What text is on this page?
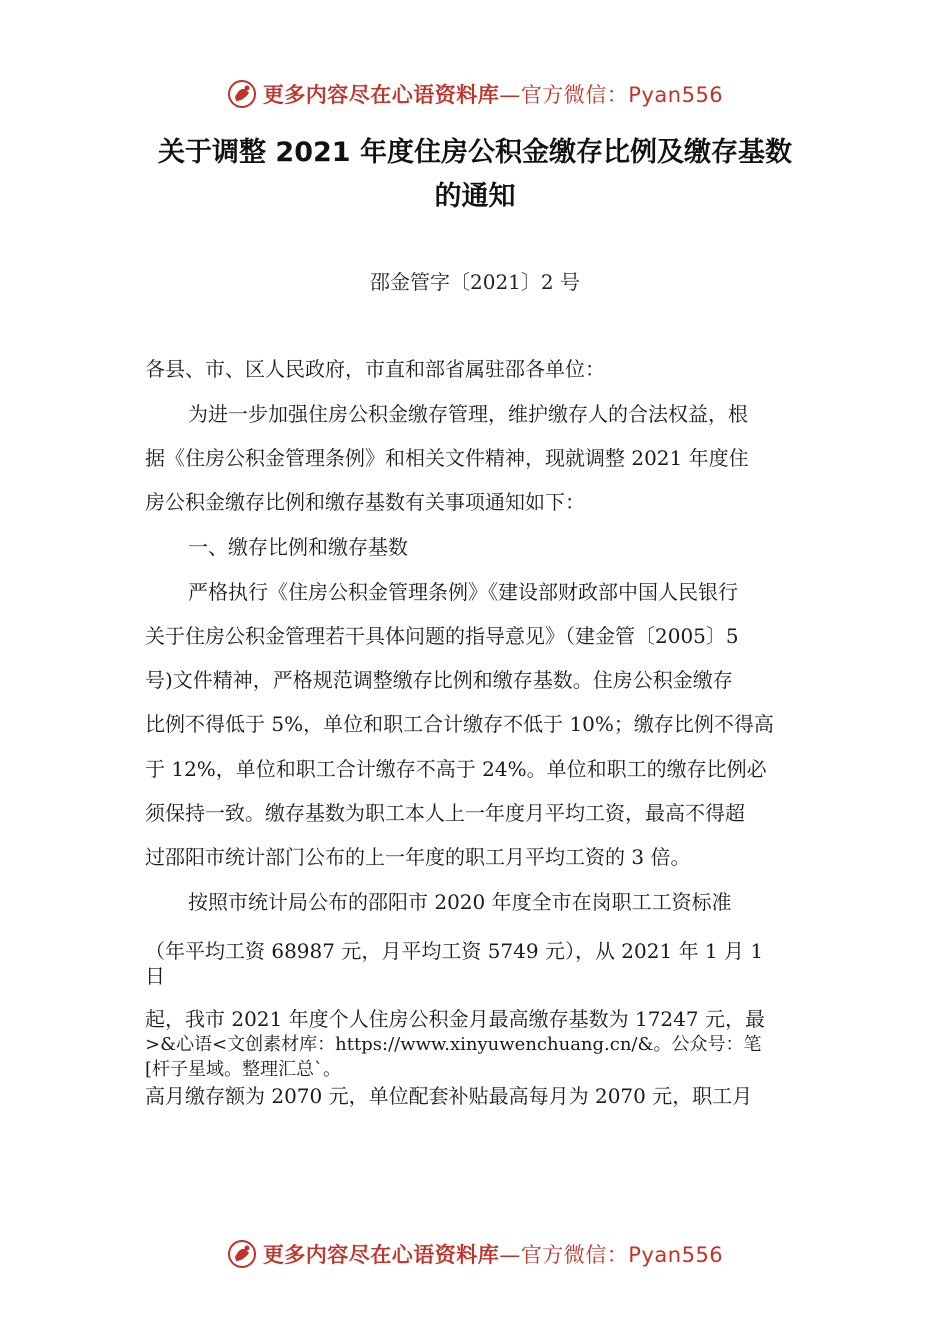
更多内容尽在心语资料库 —官方微信：Pyan556
关于调整 2021 年度住房公积金缴存比例及缴存基数
的通知
邵金管字〔2021〕2 号
各县、市、区人民政府，市直和部省属驻邵各单位：
为进一步加强住房公积金缴存管理，维护缴存人的合法权益，根
据《住房公积金管理条例》和相关文件精神，现就调整 2021 年度住
房公积金缴存比例和缴存基数有关事项通知如下：
一、缴存比例和缴存基数
严格执行《住房公积金管理条例》《建设部财政部中国人民银行
关于住房公积金管理若干具体问题的指导意见》（建金管〔2005〕5
号)文件精神，严格规范调整缴存比例和缴存基数。住房公积金缴存
比例不得低于 5%，单位和职工合计缴存不低于 10%；缴存比例不得高
于 12%，单位和职工合计缴存不高于 24%。单位和职工的缴存比例必
须保持一致。缴存基数为职工本人上一年度月平均工资，最高不得超
过邵阳市统计部门公布的上一年度的职工月平均工资的 3 倍。
按照市统计局公布的邵阳市 2020 年度全市在岗职工工资标准
（年平均工资 68987 元，月平均工资 5749 元），从 2021 年 1 月 1
日
起，我市 2021 年度个人住房公积金月最高缴存基数为 17247 元，最
>&心语<文创素材库：https://www.xinyuwenchuang.cn/&。公众号：笔
[杆子星域。整理汇总`。
高月缴存额为 2070 元，单位配套补贴最高每月为 2070 元，职工月
更多内容尽在心语资料库 —官方微信：Pyan556
